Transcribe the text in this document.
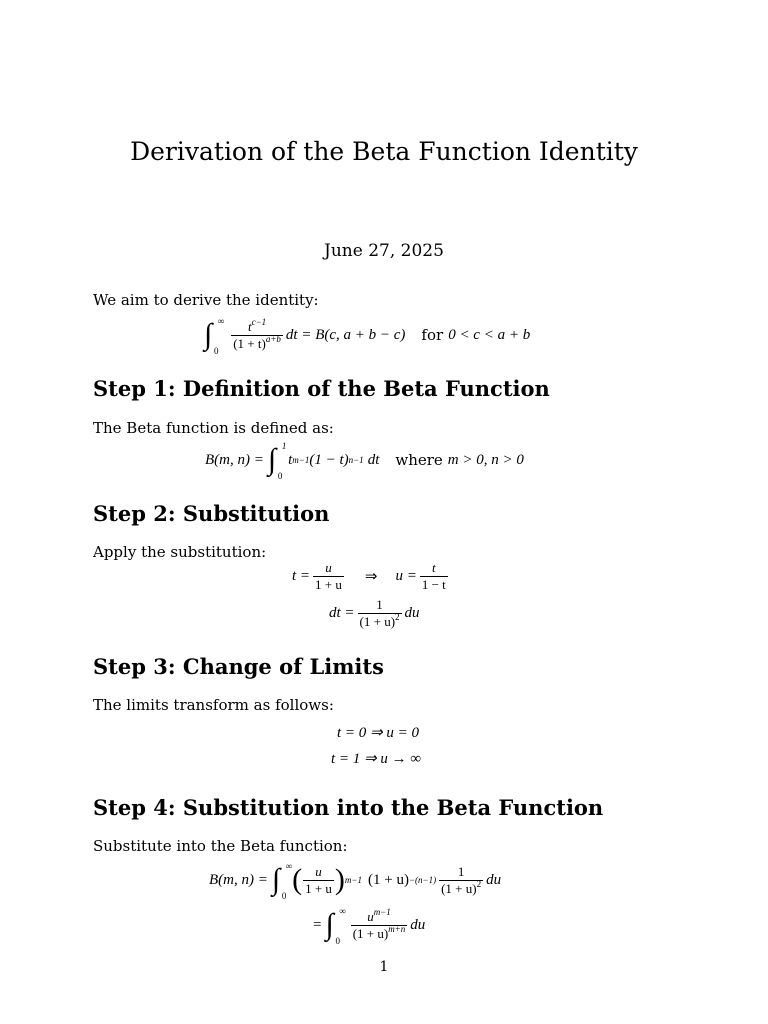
Derivation of the Beta Function Identity
June 27, 2025
We aim to derive the identity:
∫ ∞
$0 \frac{t^{c-1}}{(1 + t)^{a+b}}$ dt = B(c, a + b − c) for 0 < c < a + b
Step 1: Definition of the Beta Function
The Beta function is defined as:
B(m, n) = ∫ 1
0
t m−1 (1 − t) n−1 dt where m > 0, n > 0
Step 2: Substitution
Apply the substitution:
$t = \frac{u}{1 + u}$ ⇒ $u = \frac{t}{1 - t}$
dt = $\frac{1}{(1 + u)^2}$ du
Step 3: Change of Limits
The limits transform as follows:
t = 0 ⇒ u = 0
t = 1 ⇒ u → ∞
Step 4: Substitution into the Beta Function
Substitute into the Beta function:
B(m, n) = ∫ ∞
0 ( $\frac{u}{1 + u}$ ) m−1 $(1 + u) -(n-1) \frac{1}{(1 + u)^2}$ du
= ∫ ∞
$0 \frac{u^{m-1}}{(1 + u)^{m+n}}$ du
1
